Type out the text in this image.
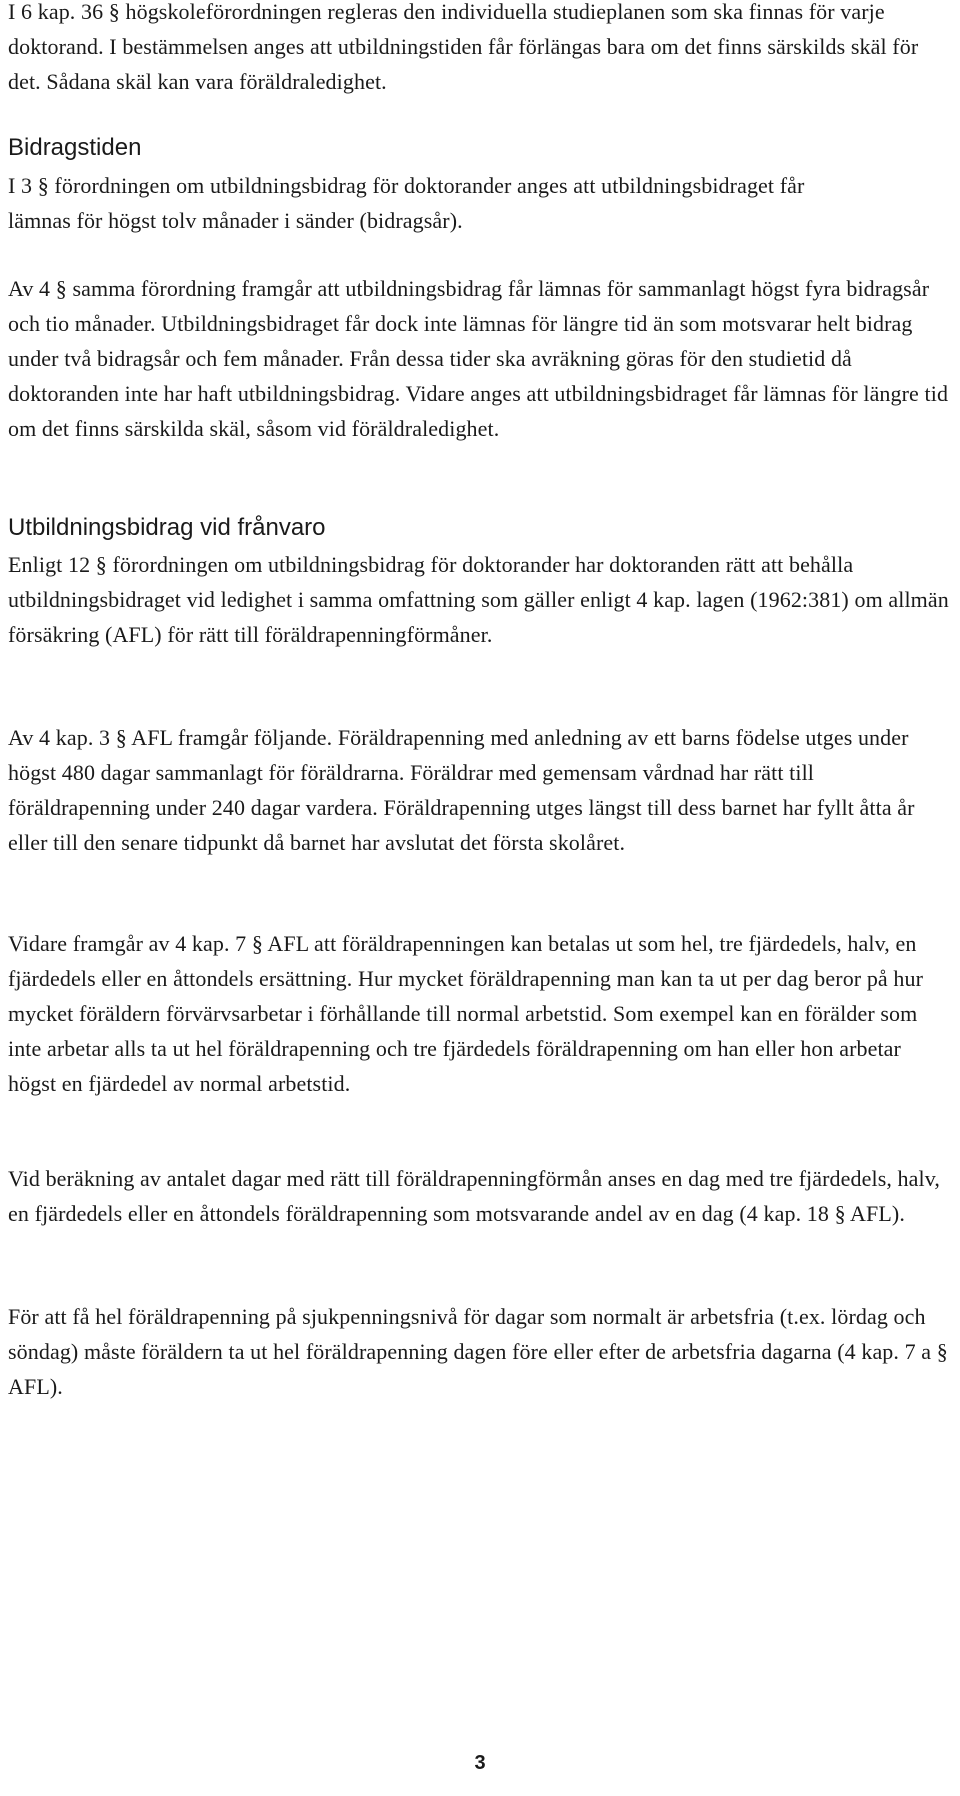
I 6 kap. 36 § högskoleförordningen regleras den individuella studieplanen som ska finnas för varje doktorand. I bestämmelsen anges att utbildningstiden får förlängas bara om det finns särskilds skäl för det. Sådana skäl kan vara föräldraledighet.

Bidragstiden

I 3 § förordningen om utbildningsbidrag för doktorander anges att utbildningsbidraget får lämnas för högst tolv månader i sänder (bidragsår).

Av 4 § samma förordning framgår att utbildningsbidrag får lämnas för sammanlagt högst fyra bidragsår och tio månader. Utbildningsbidraget får dock inte lämnas för längre tid än som motsvarar helt bidrag under två bidragsår och fem månader. Från dessa tider ska avräkning göras för den studietid då doktoranden inte har haft utbildningsbidrag. Vidare anges att utbildningsbidraget får lämnas för längre tid om det finns särskilda skäl, såsom vid föräldraledighet.

Utbildningsbidrag vid frånvaro

Enligt 12 § förordningen om utbildningsbidrag för doktorander har doktoranden rätt att behålla utbildningsbidraget vid ledighet i samma omfattning som gäller enligt 4 kap. lagen (1962:381) om allmän försäkring (AFL) för rätt till föräldrapenningförmåner.

Av 4 kap. 3 § AFL framgår följande. Föräldrapenning med anledning av ett barns födelse utges under högst 480 dagar sammanlagt för föräldrarna. Föräldrar med gemensam vårdnad har rätt till föräldrapenning under 240 dagar vardera. Föräldrapenning utges längst till dess barnet har fyllt åtta år eller till den senare tidpunkt då barnet har avslutat det första skolåret.

Vidare framgår av 4 kap. 7 § AFL att föräldrapenningen kan betalas ut som hel, tre fjärdedels, halv, en fjärdedels eller en åttondels ersättning. Hur mycket föräldrapenning man kan ta ut per dag beror på hur mycket föräldern förvärvsarbetar i förhållande till normal arbetstid. Som exempel kan en förälder som inte arbetar alls ta ut hel föräldrapenning och tre fjärdedels föräldrapenning om han eller hon arbetar högst en fjärdedel av normal arbetstid.

Vid beräkning av antalet dagar med rätt till föräldrapenningförmån anses en dag med tre fjärdedels, halv, en fjärdedels eller en åttondels föräldrapenning som motsvarande andel av en dag (4 kap. 18 § AFL).

För att få hel föräldrapenning på sjukpenningsnivå för dagar som normalt är arbetsfria (t.ex. lördag och söndag) måste föräldern ta ut hel föräldrapenning dagen före eller efter de arbetsfria dagarna (4 kap. 7 a § AFL).

3
